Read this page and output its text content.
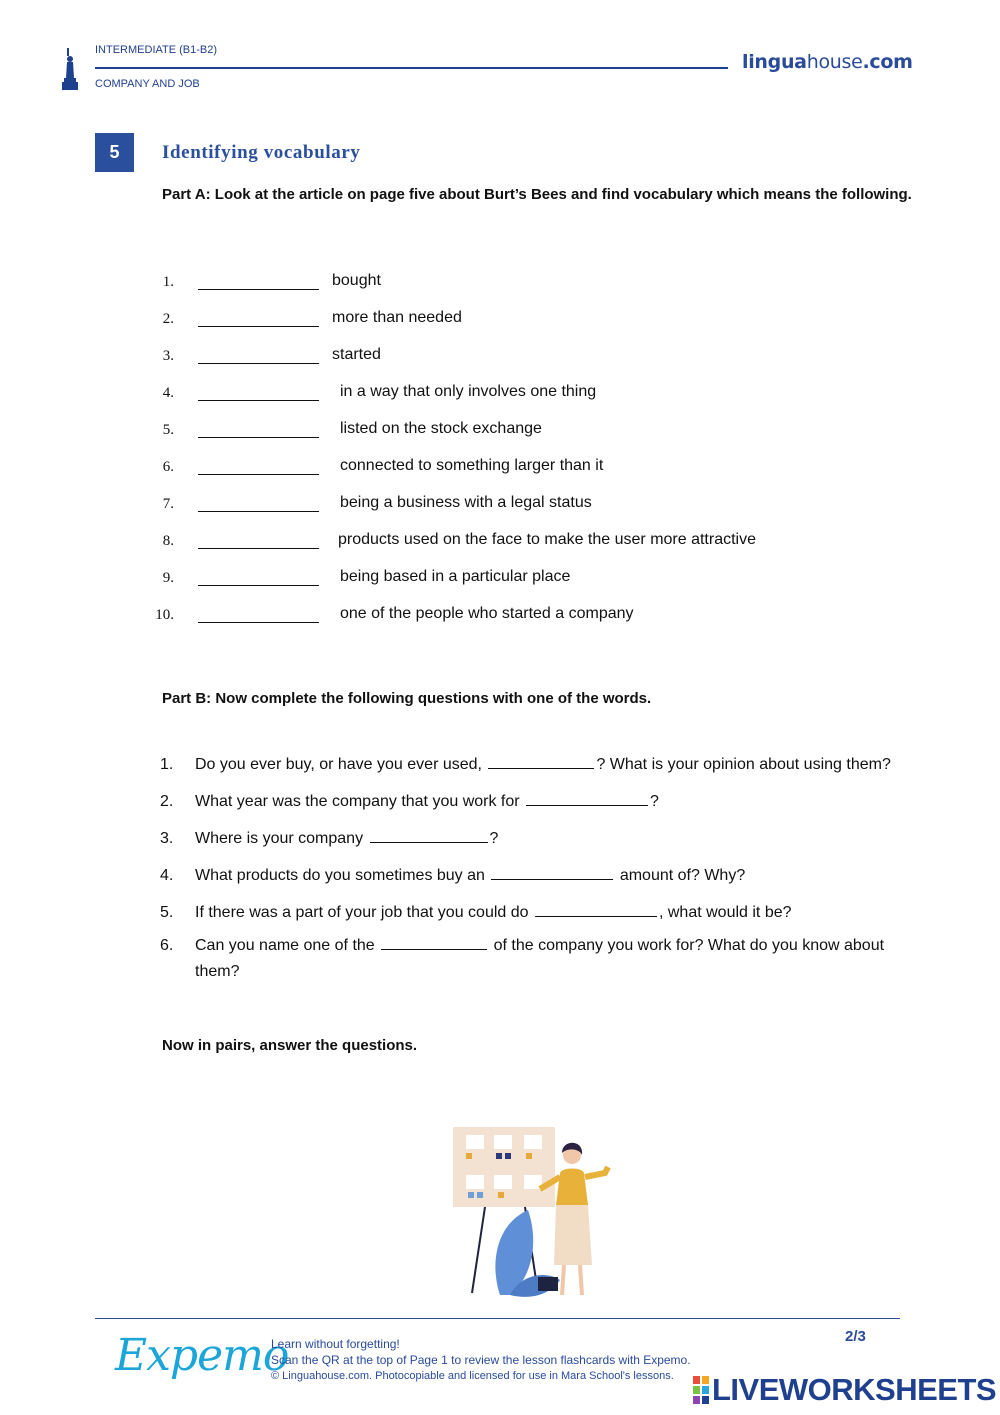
INTERMEDIATE (B1-B2)
COMPANY AND JOB
linguahouse.com
5	Identifying vocabulary
Part A: Look at the article on page five about Burt’s Bees and find vocabulary which means the following.
1.	bought
2.	more than needed
3.	started
4.	in a way that only involves one thing
5.	listed on the stock exchange
6.	connected to something larger than it
7.	being a business with a legal status
8.	products used on the face to make the user more attractive
9.	being based in a particular place
10.	one of the people who started a company
Part B: Now complete the following questions with one of the words.
1. Do you ever buy, or have you ever used,	? What is your opinion about using them?
2. What year was the company that you work for	?
3. Where is your company	?
4. What products do you sometimes buy an	amount of? Why?
5. If there was a part of your job that you could do	, what would it be?
6. Can you name one of the	of the company you work for? What do you know about them?
Now in pairs, answer the questions.
Expemo
Learn without forgetting!
Scan the QR at the top of Page 1 to review the lesson flashcards with Expemo.
© Linguahouse.com. Photocopiable and licensed for use in Mara School's lessons.
2/3
LIVEWORKSHEETS
